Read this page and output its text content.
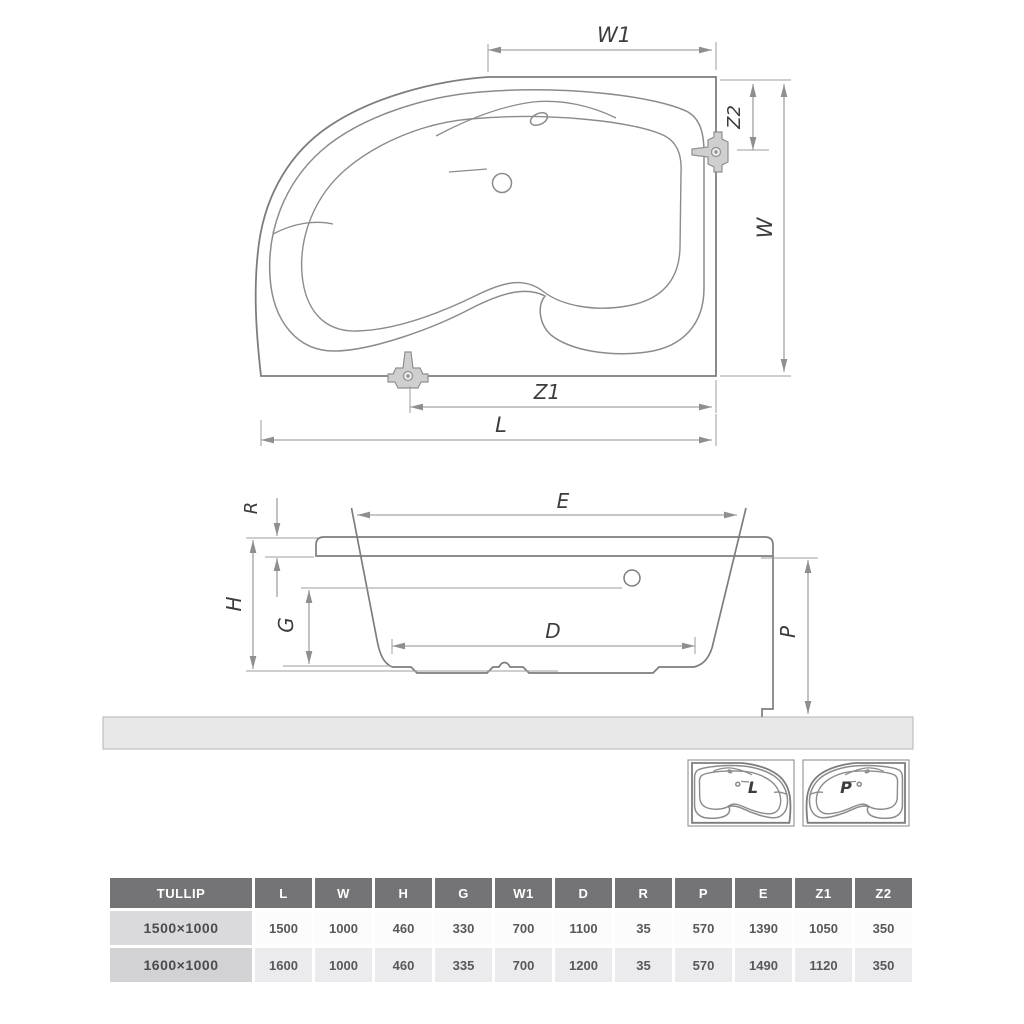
W1
Z2
W
Z1
L
E
R
H
G	D	P
L	P
TULLIP	L	W	H	G	W1	D	R	P	E	Z1	Z2
1500×1000	1500	1000	460	330	700	1100	35	570	1390	1050	350
1600×1000	1600	1000	460	335	700	1200	35	570	1490	1120	350
